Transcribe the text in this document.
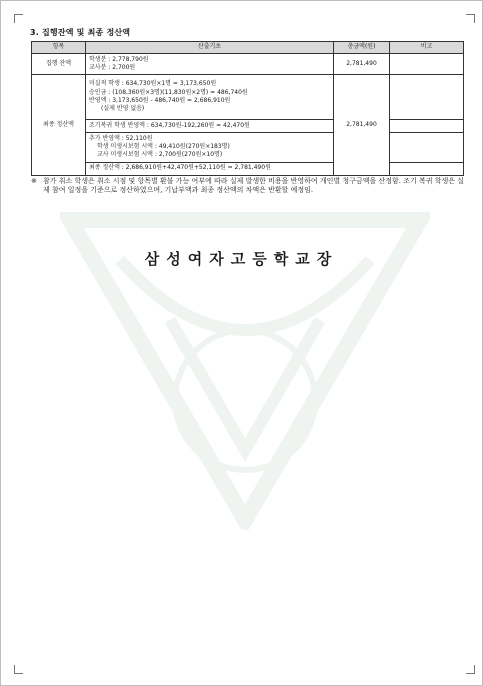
3. 집행잔액 및 최종 정산액
항목	산출기초	총금액(원)	비고
집행 잔액	학생분 : 2,778,790원
교사분 : 2,700원	2,781,490	
최종 정산액	미실적 학생 : 634,730원×1명 = 3,173,650원
승인금 : (108,360원×3명)(11,830원×2명) = 486,740원
반영액 : 3,173,650원 - 486,740원 = 2,686,910원
(실제 반영 없음)	2,781,490	

	조기복귀 학생 반영액 : 634,730원-192,260원 = 42,470원		

	추가 반영액 : 52,110원
학생 미생시보험 시액 : 49,410원(270원×183명)
교사 미생시보험 시액 : 2,700원(270원×10명)		

	최종 정산액 : 2,686,910원+42,470원+52,110원 = 2,781,490원		

※ 참가 취소 학생은 취소 시점 및 항목별 환불 가능 여부에 따라 실제 발생한 비용을 반영하여 개인별 청구금액을 산정함. 조기 복귀 학생은 실제 참여 일정을 기준으로 정산하였으며, 기납부액과 최종 정산액의 차액은 반환할 예정임.
삼성여자고등학교장
